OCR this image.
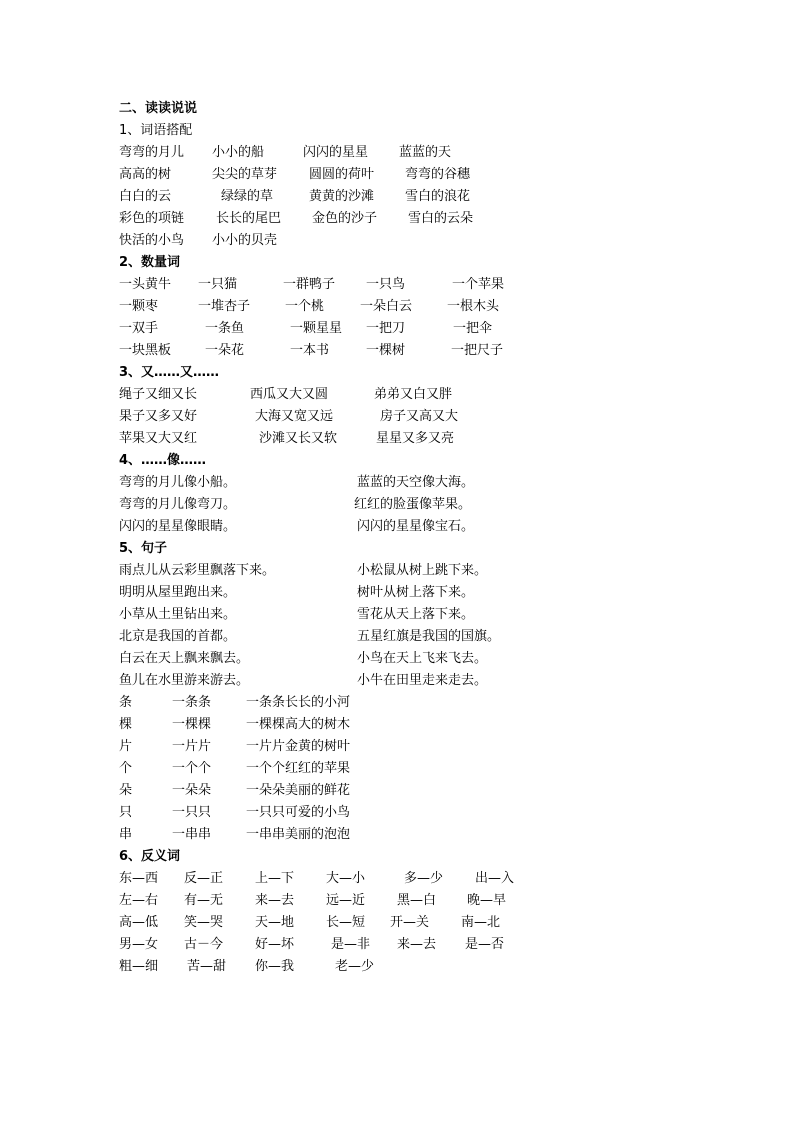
二、读读说说
1、词语搭配
弯弯的月儿 小小的船	闪闪的星星 蓝蓝的天
高高的树	尖尖的草芽 圆圆的荷叶 弯弯的谷穗
白白的云	绿绿的草	黄黄的沙滩 雪白的浪花
彩色的项链 长长的尾巴 金色的沙子 雪白的云朵
快活的小鸟 小小的贝壳
2、数量词
一头黄牛 一只猫	一群鸭子 一只鸟	一个苹果
一颗枣	一堆杏子	一个桃	一朵白云	一根木头
一双手	一条鱼	一颗星星 一把刀	一把伞
一块黑板	一朵花	一本书	一棵树	一把尺子
3、又……又……
绳子又细又长	西瓜又大又圆	弟弟又白又胖
果子又多又好	大海又宽又远	房子又高又大
苹果又大又红	沙滩又长又软	星星又多又亮
4、……像……
弯弯的月儿像小船。	蓝蓝的天空像大海。
弯弯的月儿像弯刀。	红红的脸蛋像苹果。
闪闪的星星像眼睛。	闪闪的星星像宝石。
5、句子
雨点儿从云彩里飘落下来。	小松鼠从树上跳下来。
明明从屋里跑出来。	树叶从树上落下来。
小草从土里钻出来。	雪花从天上落下来。
北京是我国的首都。	五星红旗是我国的国旗。
白云在天上飘来飘去。	小鸟在天上飞来飞去。
鱼儿在水里游来游去。	小牛在田里走来走去。
条	一条条	一条条长长的小河
棵	一棵棵	一棵棵高大的树木
片	一片片	一片片金黄的树叶
个	一个个	一个个红红的苹果
朵	一朵朵	一朵朵美丽的鲜花
只	一只只	一只只可爱的小鸟
串	一串串	一串串美丽的泡泡
6、反义词
东—西 反—正 上—下 大—小	多—少 出—入
左—右 有—无 来—去 远—近 黑—白 晚—早
高—低 笑—哭 天—地 长—短 开—关 南—北
男—女 古－今 好—坏	是—非 来—去 是—否
粗—细 苦—甜 你—我	老—少
